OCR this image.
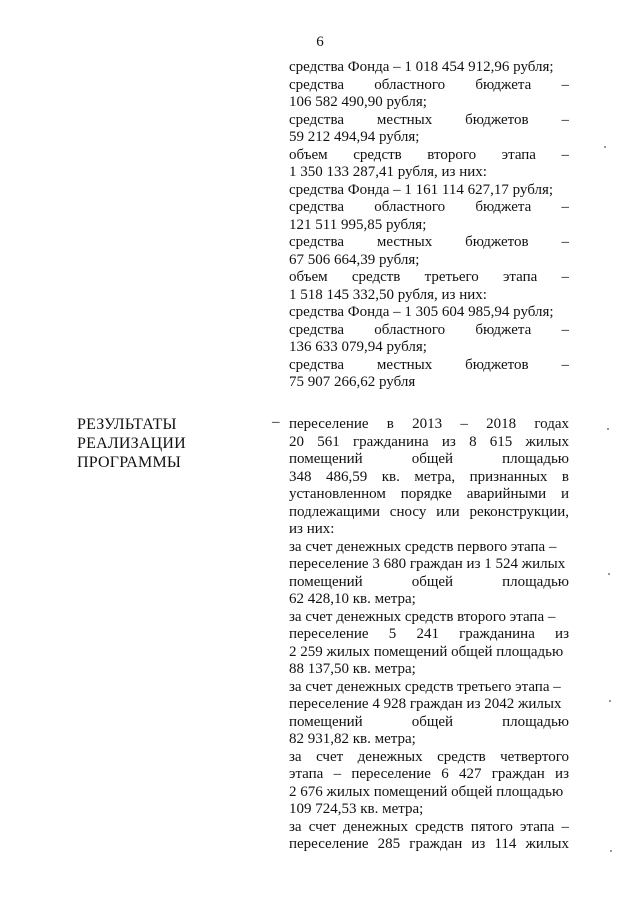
6
средства Фонда – 1 018 454 912,96 рубля;
средства областного бюджета –
106 582 490,90 рубля;
средства местных бюджетов –
59 212 494,94 рубля;
объем средств второго этапа –
1 350 133 287,41 рубля, из них:
средства Фонда – 1 161 114 627,17 рубля;
средства областного бюджета –
121 511 995,85 рубля;
средства местных бюджетов –
67 506 664,39 рубля;
объем средств третьего этапа –
1 518 145 332,50 рубля, из них:
средства Фонда – 1 305 604 985,94 рубля;
средства областного бюджета –
136 633 079,94 рубля;
средства местных бюджетов –
75 907 266,62 рубля
РЕЗУЛЬТАТЫ
РЕАЛИЗАЦИИ
ПРОГРАММЫ
– переселение в 2013 – 2018 годах
20 561 гражданина из 8 615 жилых
помещений общей площадью
348 486,59 кв. метра, признанных в
установленном порядке аварийными и
подлежащими сносу или реконструкции,
из них:
за счет денежных средств первого этапа –
переселение 3 680 граждан из 1 524 жилых
помещений общей площадью
62 428,10 кв. метра;
за счет денежных средств второго этапа –
переселение 5 241 гражданина из
2 259 жилых помещений общей площадью
88 137,50 кв. метра;
за счет денежных средств третьего этапа –
переселение 4 928 граждан из 2042 жилых
помещений общей площадью
82 931,82 кв. метра;
за счет денежных средств четвертого
этапа – переселение 6 427 граждан из
2 676 жилых помещений общей площадью
109 724,53 кв. метра;
за счет денежных средств пятого этапа –
переселение 285 граждан из 114 жилых
